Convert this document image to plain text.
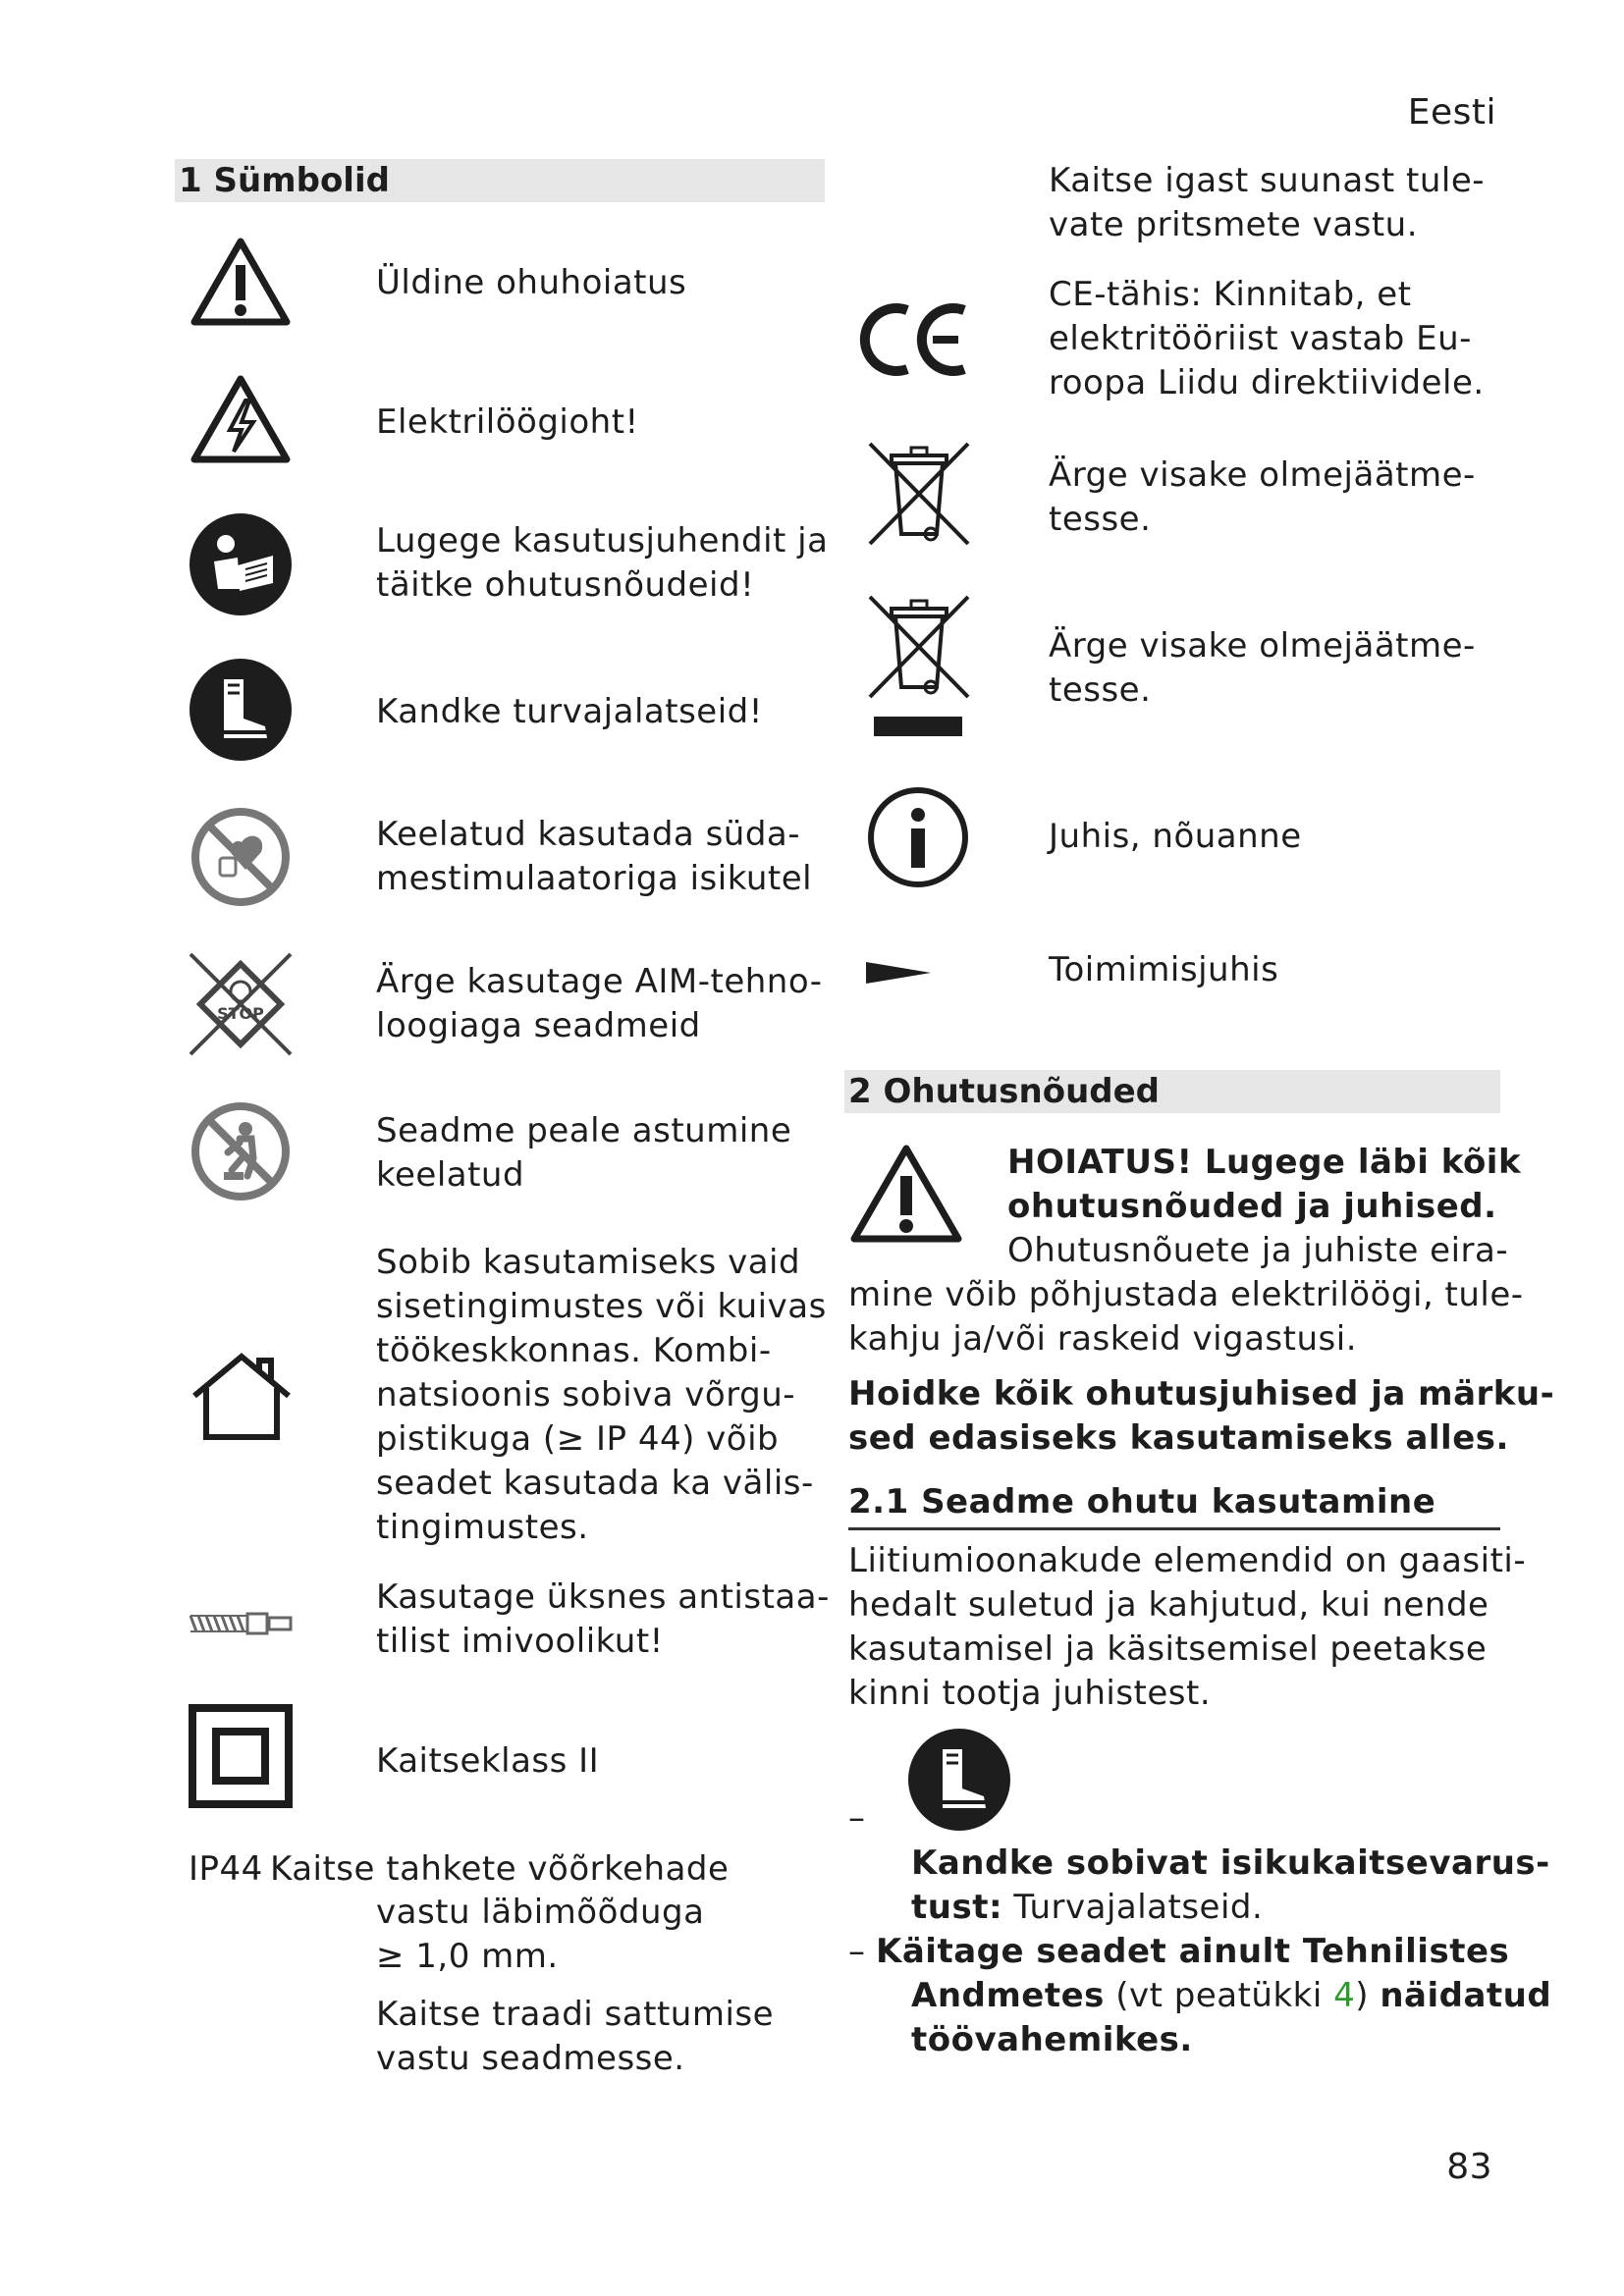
Eesti
83
1 Sümbolid
Üldine ohuhoiatus
Elektrilöögioht!
Lugege kasutusjuhendit ja
täitke ohutusnõudeid!
Kandke turvajalatseid!
Keelatud kasutada süda-
mestimulaatoriga isikutel
STOP
Ärge kasutage AIM-tehno-
loogiaga seadmeid
Seadme peale astumine
keelatud
Sobib kasutamiseks vaid
sisetingimustes või kuivas
töökeskkonnas. Kombi-
natsioonis sobiva võrgu-
pistikuga (≥ IP 44) võib
seadet kasutada ka välis-
tingimustes.
Kasutage üksnes antistaa-
tilist imivoolikut!
Kaitseklass II
IP44 Kaitse tahkete võõrkehade
vastu läbimõõduga
≥ 1,0 mm.
Kaitse traadi sattumise
vastu seadmesse.
Kaitse igast suunast tule-
vate pritsmete vastu.
CE-tähis: Kinnitab, et
elektritööriist vastab Eu-
roopa Liidu direktiividele.
Ärge visake olmejäätme-
tesse.
Ärge visake olmejäätme-
tesse.
Juhis, nõuanne
Toimimisjuhis
2 Ohutusnõuded
HOIATUS! Lugege läbi kõik
ohutusnõuded ja juhised.
Ohutusnõuete ja juhiste eira-
mine võib põhjustada elektrilöögi, tule-
kahju ja/või raskeid vigastusi.
Hoidke kõik ohutusjuhised ja märku-
sed edasiseks kasutamiseks alles.
2.1 Seadme ohutu kasutamine
Liitiumioonakude elemendid on gaasiti-
hedalt suletud ja kahjutud, kui nende
kasutamisel ja käsitsemisel peetakse
kinni tootja juhistest.
–
Kandke sobivat isikukaitsevarus-
tust: Turvajalatseid.
– Käitage seadet ainult Tehnilistes
Andmetes (vt peatükki 4) näidatud
töövahemikes.
